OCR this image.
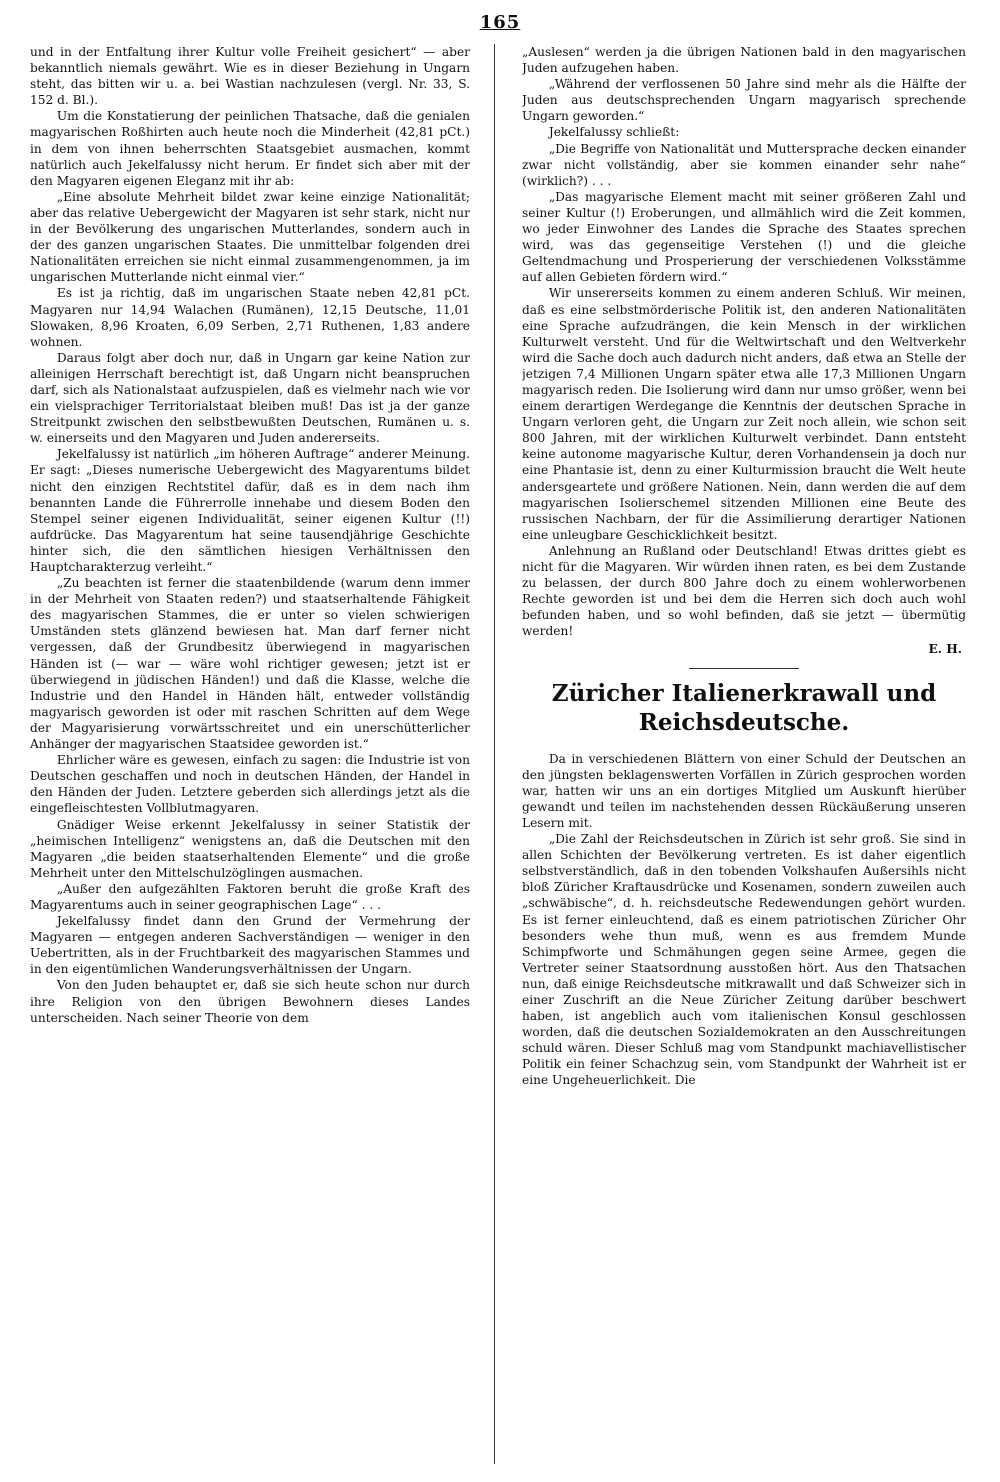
165

und in der Entfaltung ihrer Kultur volle Freiheit gesichert“ — aber bekanntlich niemals gewährt. Wie es in dieser Beziehung in Ungarn steht, das bitten wir u. a. bei Wastian nachzulesen (vergl. Nr. 33, S. 152 d. Bl.).

Um die Konstatierung der peinlichen Thatsache, daß die genialen magyarischen Roßhirten auch heute noch die Minderheit (42,81 pCt.) in dem von ihnen beherrschten Staatsgebiet ausmachen, kommt natürlich auch Jekelfalussy nicht herum. Er findet sich aber mit der den Magyaren eigenen Eleganz mit ihr ab:

„Eine absolute Mehrheit bildet zwar keine einzige Nationalität; aber das relative Uebergewicht der Magyaren ist sehr stark, nicht nur in der Bevölkerung des ungarischen Mutterlandes, sondern auch in der des ganzen ungarischen Staates. Die unmittelbar folgenden drei Nationalitäten erreichen sie nicht einmal zusammengenommen, ja im ungarischen Mutterlande nicht einmal vier.“

Es ist ja richtig, daß im ungarischen Staate neben 42,81 pCt. Magyaren nur 14,94 Walachen (Rumänen), 12,15 Deutsche, 11,01 Slowaken, 8,96 Kroaten, 6,09 Serben, 2,71 Ruthenen, 1,83 andere wohnen.

Daraus folgt aber doch nur, daß in Ungarn gar keine Nation zur alleinigen Herrschaft berechtigt ist, daß Ungarn nicht beanspruchen darf, sich als Nationalstaat aufzuspielen, daß es vielmehr nach wie vor ein vielsprachiger Territorialstaat bleiben muß! Das ist ja der ganze Streitpunkt zwischen den selbstbewußten Deutschen, Rumänen u. s. w. einerseits und den Magyaren und Juden andererseits.

Jekelfalussy ist natürlich „im höheren Auftrage“ anderer Meinung. Er sagt: „Dieses numerische Uebergewicht des Magyarentums bildet nicht den einzigen Rechtstitel dafür, daß es in dem nach ihm benannten Lande die Führerrolle innehabe und diesem Boden den Stempel seiner eigenen Individualität, seiner eigenen Kultur (!!) aufdrücke. Das Magyarentum hat seine tausendjährige Geschichte hinter sich, die den sämtlichen hiesigen Verhältnissen den Hauptcharakterzug verleiht.“

„Zu beachten ist ferner die staatenbildende (warum denn immer in der Mehrheit von Staaten reden?) und staatserhaltende Fähigkeit des magyarischen Stammes, die er unter so vielen schwierigen Umständen stets glänzend bewiesen hat. Man darf ferner nicht vergessen, daß der Grundbesitz überwiegend in magyarischen Händen ist (— war — wäre wohl richtiger gewesen; jetzt ist er überwiegend in jüdischen Händen!) und daß die Klasse, welche die Industrie und den Handel in Händen hält, entweder vollständig magyarisch geworden ist oder mit raschen Schritten auf dem Wege der Magyarisierung vorwärtsschreitet und ein unerschütterlicher Anhänger der magyarischen Staatsidee geworden ist.“

Ehrlicher wäre es gewesen, einfach zu sagen: die Industrie ist von Deutschen geschaffen und noch in deutschen Händen, der Handel in den Händen der Juden. Letztere geberden sich allerdings jetzt als die eingefleischtesten Vollblutmagyaren.

Gnädiger Weise erkennt Jekelfalussy in seiner Statistik der „heimischen Intelligenz“ wenigstens an, daß die Deutschen mit den Magyaren „die beiden staatserhaltenden Elemente“ und die große Mehrheit unter den Mittelschulzöglingen ausmachen.

„Außer den aufgezählten Faktoren beruht die große Kraft des Magyarentums auch in seiner geographischen Lage“ . . .

Jekelfalussy findet dann den Grund der Vermehrung der Magyaren — entgegen anderen Sachverständigen — weniger in den Uebertritten, als in der Fruchtbarkeit des magyarischen Stammes und in den eigentümlichen Wanderungsverhältnissen der Ungarn.

Von den Juden behauptet er, daß sie sich heute schon nur durch ihre Religion von den übrigen Bewohnern dieses Landes unterscheiden. Nach seiner Theorie von dem

„Auslesen“ werden ja die übrigen Nationen bald in den magyarischen Juden aufzugehen haben.

„Während der verflossenen 50 Jahre sind mehr als die Hälfte der Juden aus deutschsprechenden Ungarn magyarisch sprechende Ungarn geworden.“

Jekelfalussy schließt:

„Die Begriffe von Nationalität und Muttersprache decken einander zwar nicht vollständig, aber sie kommen einander sehr nahe“ (wirklich?) . . .

„Das magyarische Element macht mit seiner größeren Zahl und seiner Kultur (!) Eroberungen, und allmählich wird die Zeit kommen, wo jeder Einwohner des Landes die Sprache des Staates sprechen wird, was das gegenseitige Verstehen (!) und die gleiche Geltendmachung und Prosperierung der verschiedenen Volksstämme auf allen Gebieten fördern wird.“

Wir unsererseits kommen zu einem anderen Schluß. Wir meinen, daß es eine selbstmörderische Politik ist, den anderen Nationalitäten eine Sprache aufzudrängen, die kein Mensch in der wirklichen Kulturwelt versteht. Und für die Weltwirtschaft und den Weltverkehr wird die Sache doch auch dadurch nicht anders, daß etwa an Stelle der jetzigen 7,4 Millionen Ungarn später etwa alle 17,3 Millionen Ungarn magyarisch reden. Die Isolierung wird dann nur umso größer, wenn bei einem derartigen Werdegange die Kenntnis der deutschen Sprache in Ungarn verloren geht, die Ungarn zur Zeit noch allein, wie schon seit 800 Jahren, mit der wirklichen Kulturwelt verbindet. Dann entsteht keine autonome magyarische Kultur, deren Vorhandensein ja doch nur eine Phantasie ist, denn zu einer Kulturmission braucht die Welt heute andersgeartete und größere Nationen. Nein, dann werden die auf dem magyarischen Isolierschemel sitzenden Millionen eine Beute des russischen Nachbarn, der für die Assimilierung derartiger Nationen eine unleugbare Geschicklichkeit besitzt.

Anlehnung an Rußland oder Deutschland! Etwas drittes giebt es nicht für die Magyaren. Wir würden ihnen raten, es bei dem Zustande zu belassen, der durch 800 Jahre doch zu einem wohlerworbenen Rechte geworden ist und bei dem die Herren sich doch auch wohl befunden haben, und so wohl befinden, daß sie jetzt — übermütig werden!

E. H.
Züricher Italienerkrawall und
Reichsdeutsche.

Da in verschiedenen Blättern von einer Schuld der Deutschen an den jüngsten beklagenswerten Vorfällen in Zürich gesprochen worden war, hatten wir uns an ein dortiges Mitglied um Auskunft hierüber gewandt und teilen im nachstehenden dessen Rückäußerung unseren Lesern mit.

„Die Zahl der Reichsdeutschen in Zürich ist sehr groß. Sie sind in allen Schichten der Bevölkerung vertreten. Es ist daher eigentlich selbstverständlich, daß in den tobenden Volkshaufen Außersihls nicht bloß Züricher Kraftausdrücke und Kosenamen, sondern zuweilen auch „schwäbische“, d. h. reichsdeutsche Redewendungen gehört wurden. Es ist ferner einleuchtend, daß es einem patriotischen Züricher Ohr besonders wehe thun muß, wenn es aus fremdem Munde Schimpfworte und Schmähungen gegen seine Armee, gegen die Vertreter seiner Staatsordnung ausstoßen hört. Aus den Thatsachen nun, daß einige Reichsdeutsche mitkrawallt und daß Schweizer sich in einer Zuschrift an die Neue Züricher Zeitung darüber beschwert haben, ist angeblich auch vom italienischen Konsul geschlossen worden, daß die deutschen Sozialdemokraten an den Ausschreitungen schuld wären. Dieser Schluß mag vom Standpunkt machiavellistischer Politik ein feiner Schachzug sein, vom Standpunkt der Wahrheit ist er eine Ungeheuerlichkeit. Die
